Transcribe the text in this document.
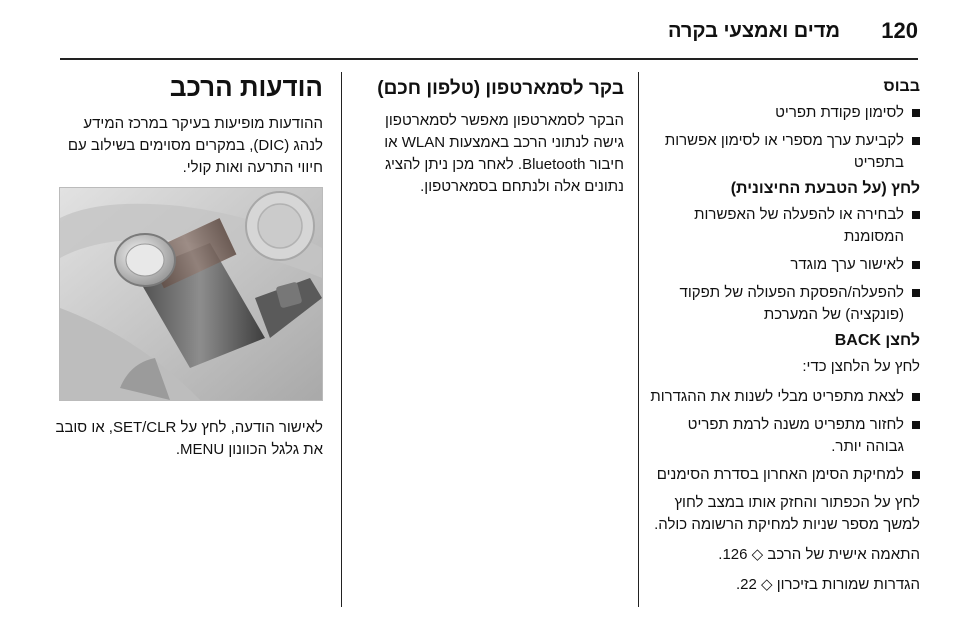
120
מדים ואמצעי בקרה
בבוס
לסימון פקודת תפריט
לקביעת ערך מספרי או לסימון אפשרות בתפריט
לחץ (על הטבעת החיצונית)
לבחירה או להפעלה של האפשרות המסומנת
לאישור ערך מוגדר
להפעלה/הפסקת הפעולה של תפקוד (פונקציה) של המערכת
לחצן BACK
לחץ על הלחצן כדי:
לצאת מתפריט מבלי לשנות את ההגדרות
לחזור מתפריט משנה לרמת תפריט גבוהה יותר.
למחיקת הסימן האחרון בסדרת הסימנים
לחץ על הכפתור והחזק אותו במצב לחוץ למשך מספר שניות למחיקת הרשומה כולה.
התאמה אישית של הרכב ◇ 126.
הגדרות שמורות בזיכרון ◇ 22.
בקר לסמארטפון (טלפון חכם)
הבקר לסמארטפון מאפשר לסמארטפון גישה לנתוני הרכב באמצעות WLAN או חיבור Bluetooth. לאחר מכן ניתן להציג נתונים אלה ולנתחם בסמארטפון.
הודעות הרכב
ההודעות מופיעות בעיקר במרכז המידע לנהג (DIC), במקרים מסוימים בשילוב עם חיווי התרעה ואות קולי.
לאישור הודעה, לחץ על SET/CLR, או סובב את גלגל הכוונון MENU.
